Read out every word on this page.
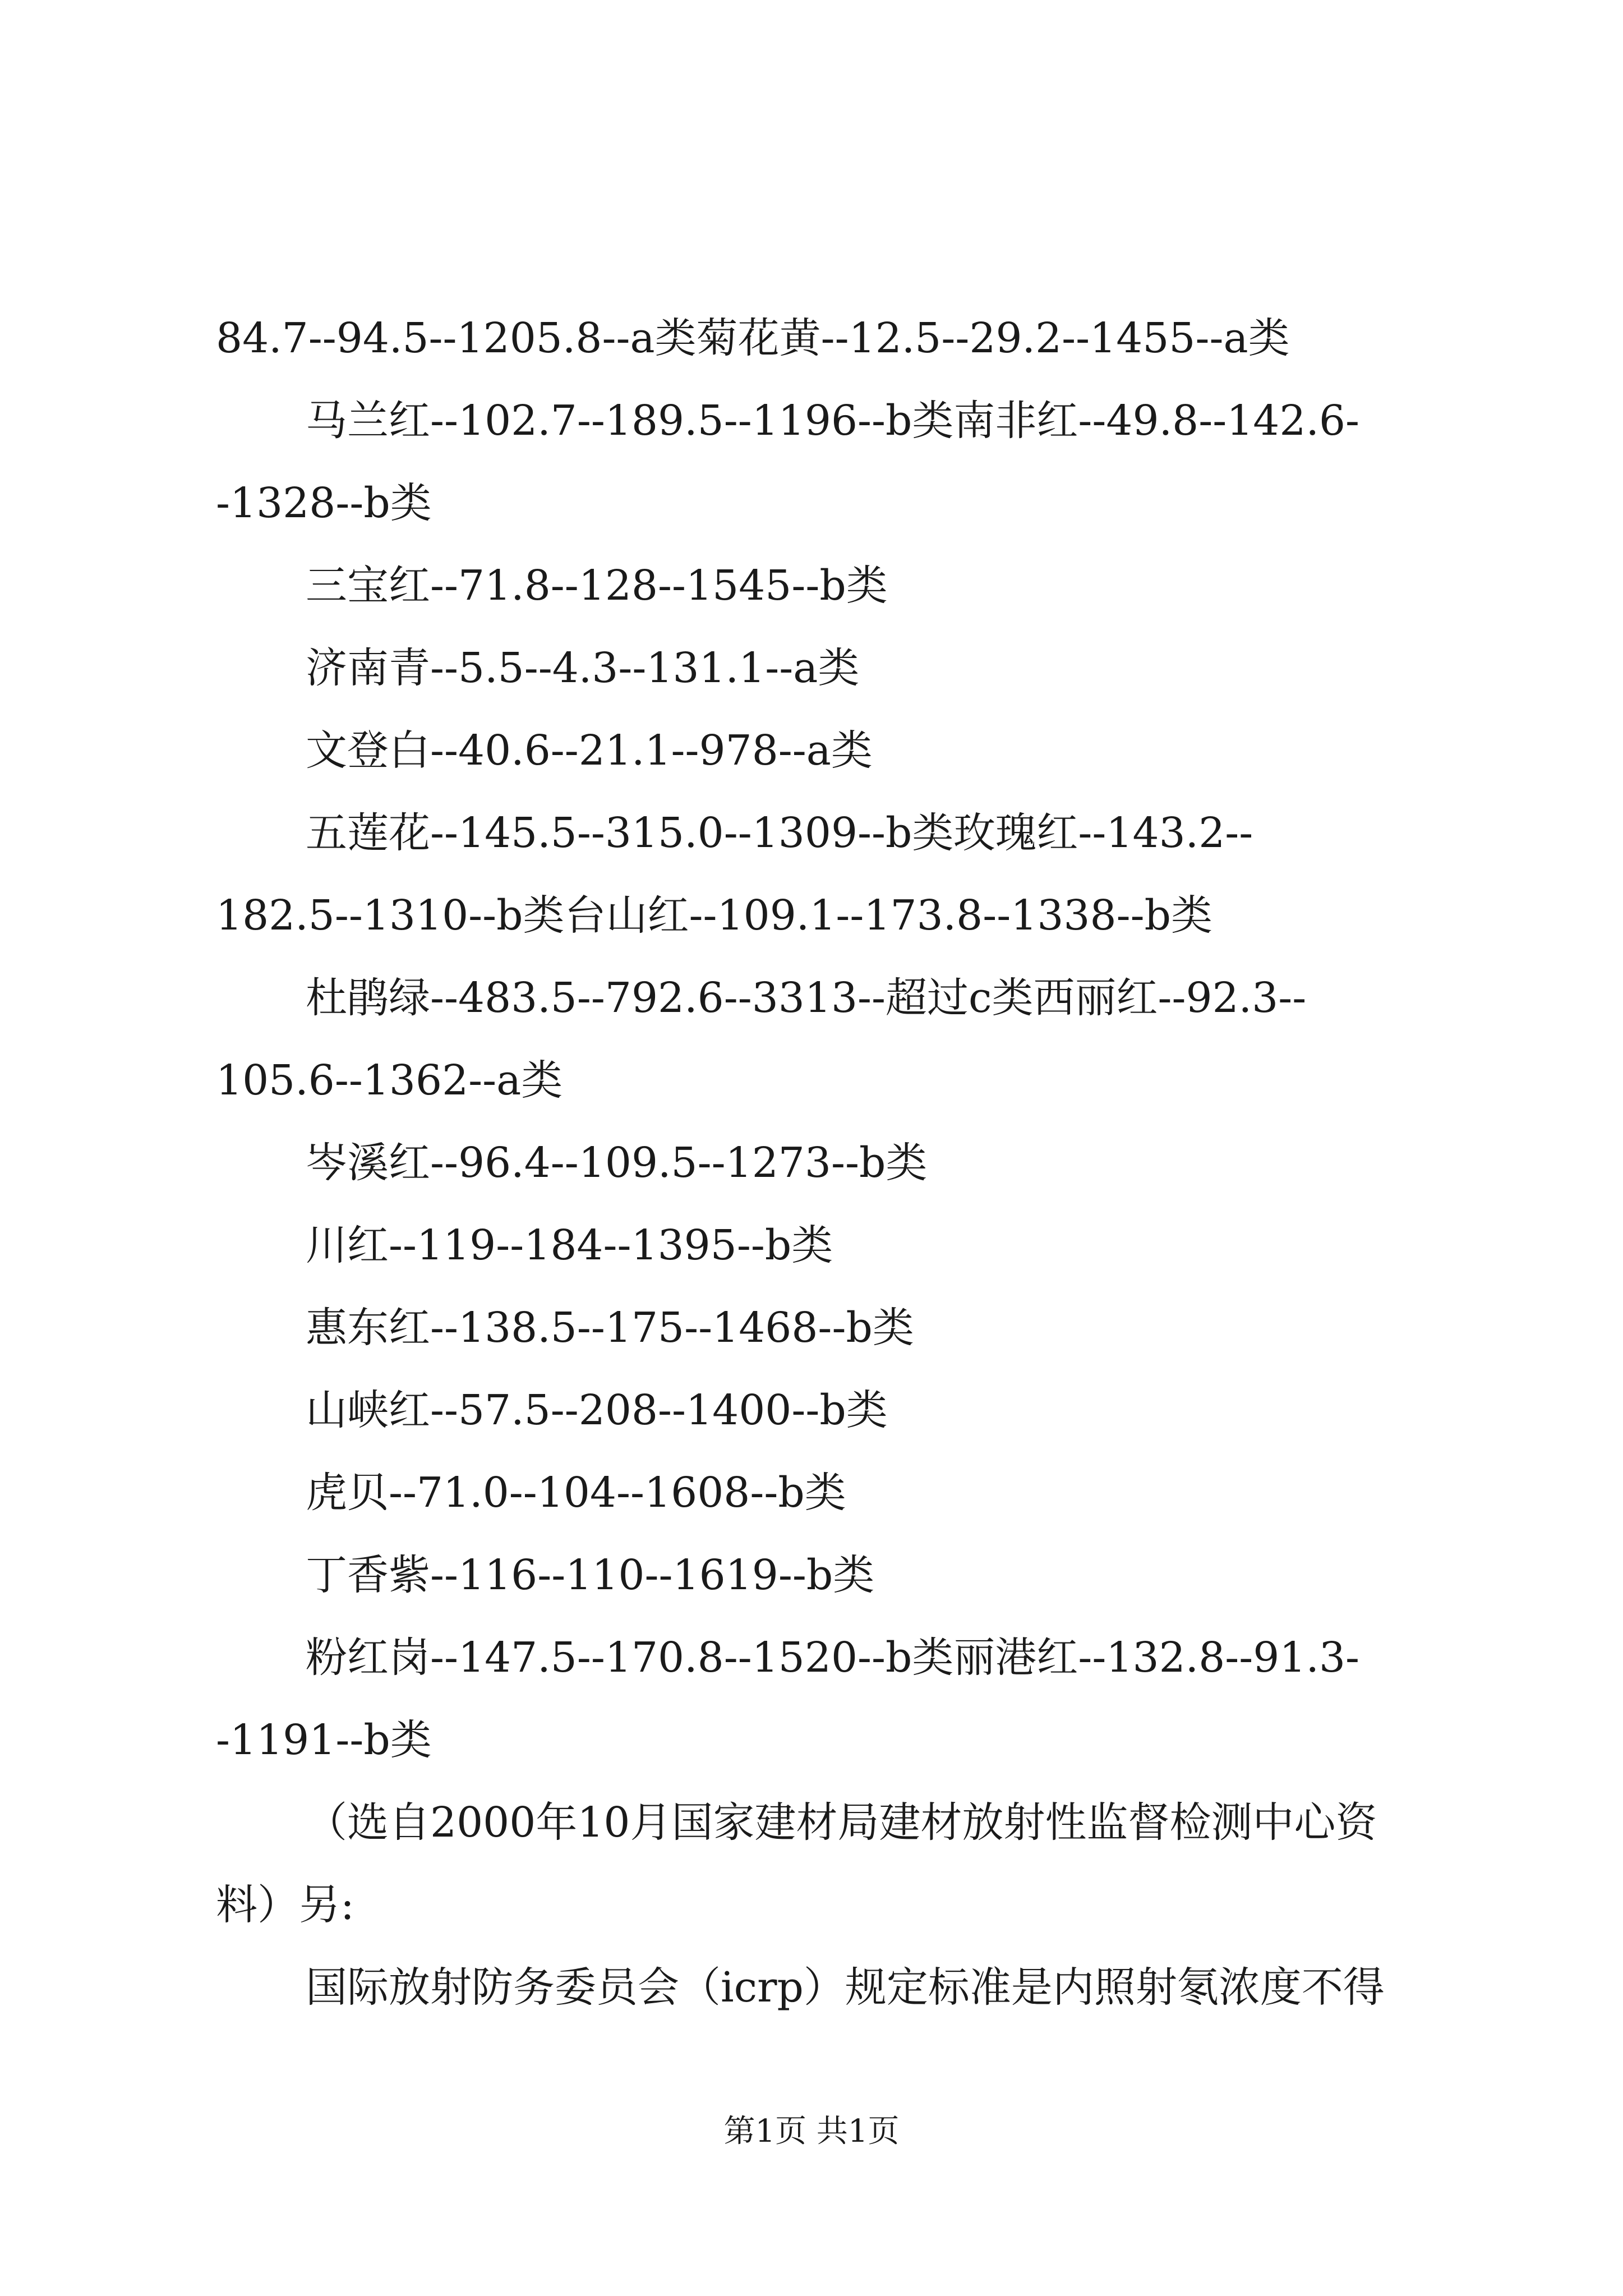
84.7--94.5--1205.8--a类菊花黄--12.5--29.2--1455--a类
马兰红--102.7--189.5--1196--b类南非红--49.8--142.6-
-1328--b类
三宝红--71.8--128--1545--b类
济南青--5.5--4.3--131.1--a类
文登白--40.6--21.1--978--a类
五莲花--145.5--315.0--1309--b类玫瑰红--143.2--
182.5--1310--b类台山红--109.1--173.8--1338--b类
杜鹃绿--483.5--792.6--3313--超过c类西丽红--92.3--
105.6--1362--a类
岑溪红--96.4--109.5--1273--b类
川红--119--184--1395--b类
惠东红--138.5--175--1468--b类
山峡红--57.5--208--1400--b类
虎贝--71.0--104--1608--b类
丁香紫--116--110--1619--b类
粉红岗--147.5--170.8--1520--b类丽港红--132.8--91.3-
-1191--b类
（选自2000年10月国家建材局建材放射性监督检测中心资
料）另:
国际放射防务委员会（icrp）规定标准是内照射氡浓度不得
第1页 共1页
